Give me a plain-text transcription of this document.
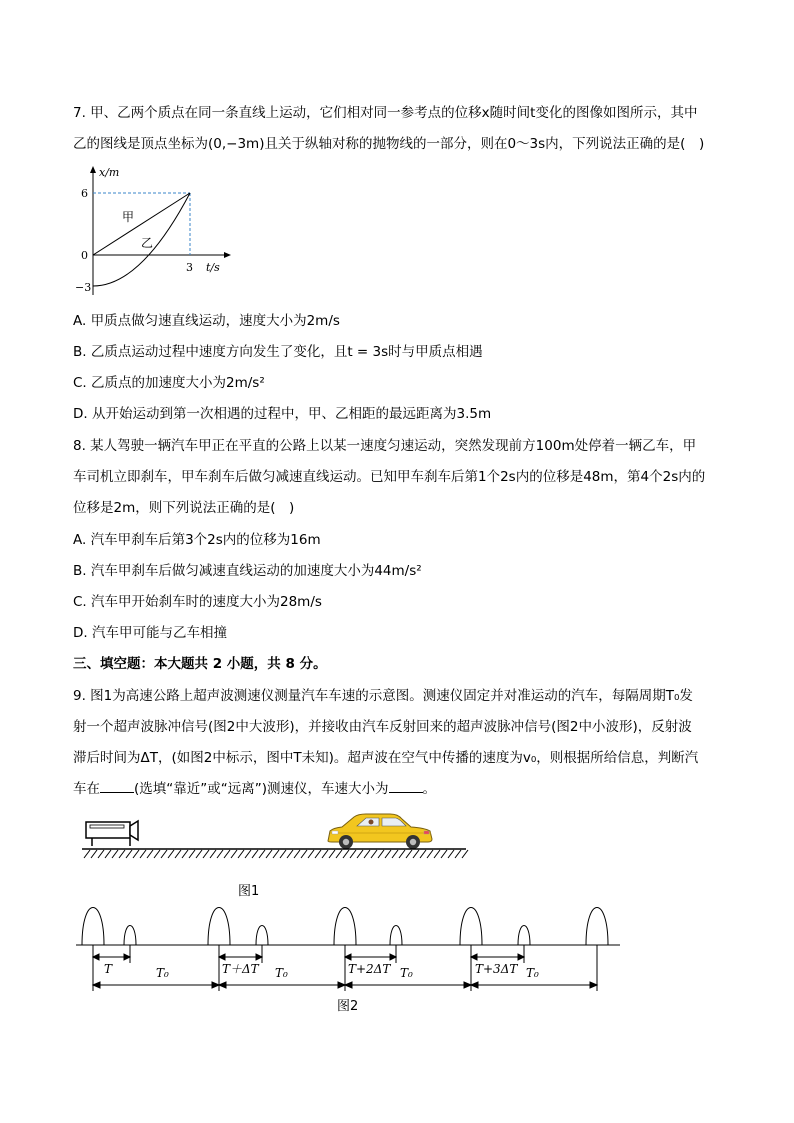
7. 甲、乙两个质点在同一条直线上运动，它们相对同一参考点的位移x随时间t变化的图像如图所示，其中
乙的图线是顶点坐标为(0,−3m)且关于纵轴对称的抛物线的一部分，则在0～3s内，下列说法正确的是(　)
x/m
t/s
6
0
−3
3
甲
乙
A. 甲质点做匀速直线运动，速度大小为2m/s
B. 乙质点运动过程中速度方向发生了变化，且t = 3s时与甲质点相遇
C. 乙质点的加速度大小为2m/s²
D. 从开始运动到第一次相遇的过程中，甲、乙相距的最远距离为3.5m
8. 某人驾驶一辆汽车甲正在平直的公路上以某一速度匀速运动，突然发现前方100m处停着一辆乙车，甲
车司机立即刹车，甲车刹车后做匀减速直线运动。已知甲车刹车后第1个2s内的位移是48m，第4个2s内的
位移是2m，则下列说法正确的是(　)
A. 汽车甲刹车后第3个2s内的位移为16m
B. 汽车甲刹车后做匀减速直线运动的加速度大小为44m/s²
C. 汽车甲开始刹车时的速度大小为28m/s
D. 汽车甲可能与乙车相撞
三、填空题：本大题共 2 小题，共 8 分。
9. 图1为高速公路上超声波测速仪测量汽车车速的示意图。测速仪固定并对准运动的汽车，每隔周期T₀发
射一个超声波脉冲信号(图2中大波形)，并接收由汽车反射回来的超声波脉冲信号(图2中小波形)，反射波
滞后时间为ΔT，(如图2中标示，图中T未知)。超声波在空气中传播的速度为v₀，则根据所给信息，判断汽
车在	(选填“靠近”或“远离”)测速仪，车速大小为	。
图1
T	T＋ΔT	T+2ΔT	T+3ΔT
T₀	T₀	T₀	T₀
图2
